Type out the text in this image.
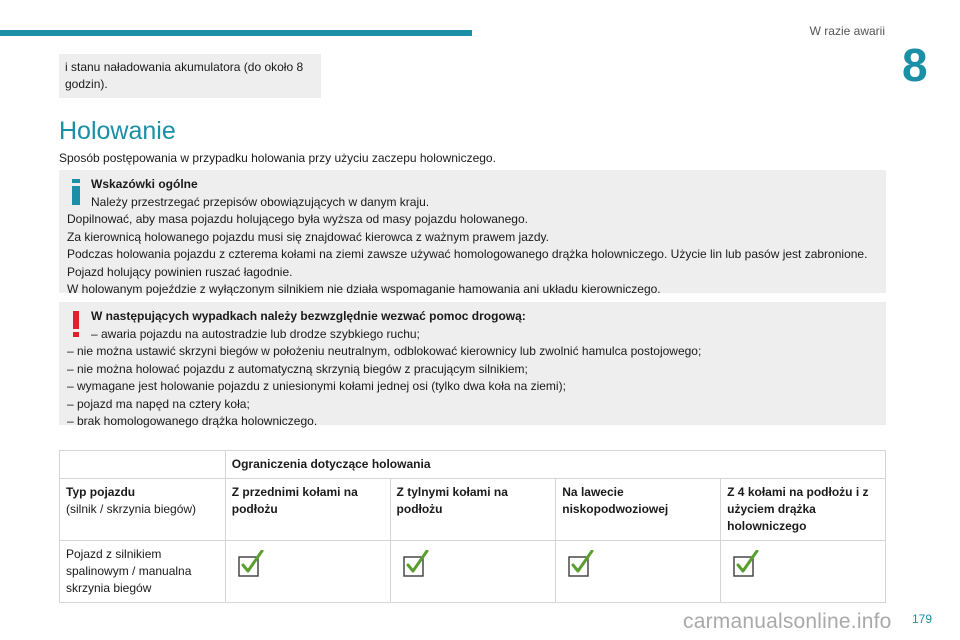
W razie awarii
8
i stanu naładowania akumulatora (do około 8 godzin).
Holowanie
Sposób postępowania w przypadku holowania przy użyciu zaczepu holowniczego.
Wskazówki ogólne
Należy przestrzegać przepisów obowiązujących w danym kraju.
Dopilnować, aby masa pojazdu holującego była wyższa od masy pojazdu holowanego.
Za kierownicą holowanego pojazdu musi się znajdować kierowca z ważnym prawem jazdy.
Podczas holowania pojazdu z czterema kołami na ziemi zawsze używać homologowanego drążka holowniczego. Użycie lin lub pasów jest zabronione.
Pojazd holujący powinien ruszać łagodnie.
W holowanym pojeździe z wyłączonym silnikiem nie działa wspomaganie hamowania ani układu kierowniczego.
W następujących wypadkach należy bezwzględnie wezwać pomoc drogową:
– awaria pojazdu na autostradzie lub drodze szybkiego ruchu;
– nie można ustawić skrzyni biegów w położeniu neutralnym, odblokować kierownicy lub zwolnić hamulca postojowego;
– nie można holować pojazdu z automatyczną skrzynią biegów z pracującym silnikiem;
– wymagane jest holowanie pojazdu z uniesionymi kołami jednej osi (tylko dwa koła na ziemi);
– pojazd ma napęd na cztery koła;
– brak homologowanego drążka holowniczego.
	Ograniczenia dotyczące holowania			

Typ pojazdu
(silnik / skrzynia biegów)	Z przednimi kołami na podłożu	Z tylnymi kołami na podłożu	Na lawecie niskopodwoziowej	Z 4 kołami na podłożu i z użyciem drążka holowniczego
Pojazd z silnikiem spalinowym / manualna skrzynia biegów	

carmanualsonline.info 179
